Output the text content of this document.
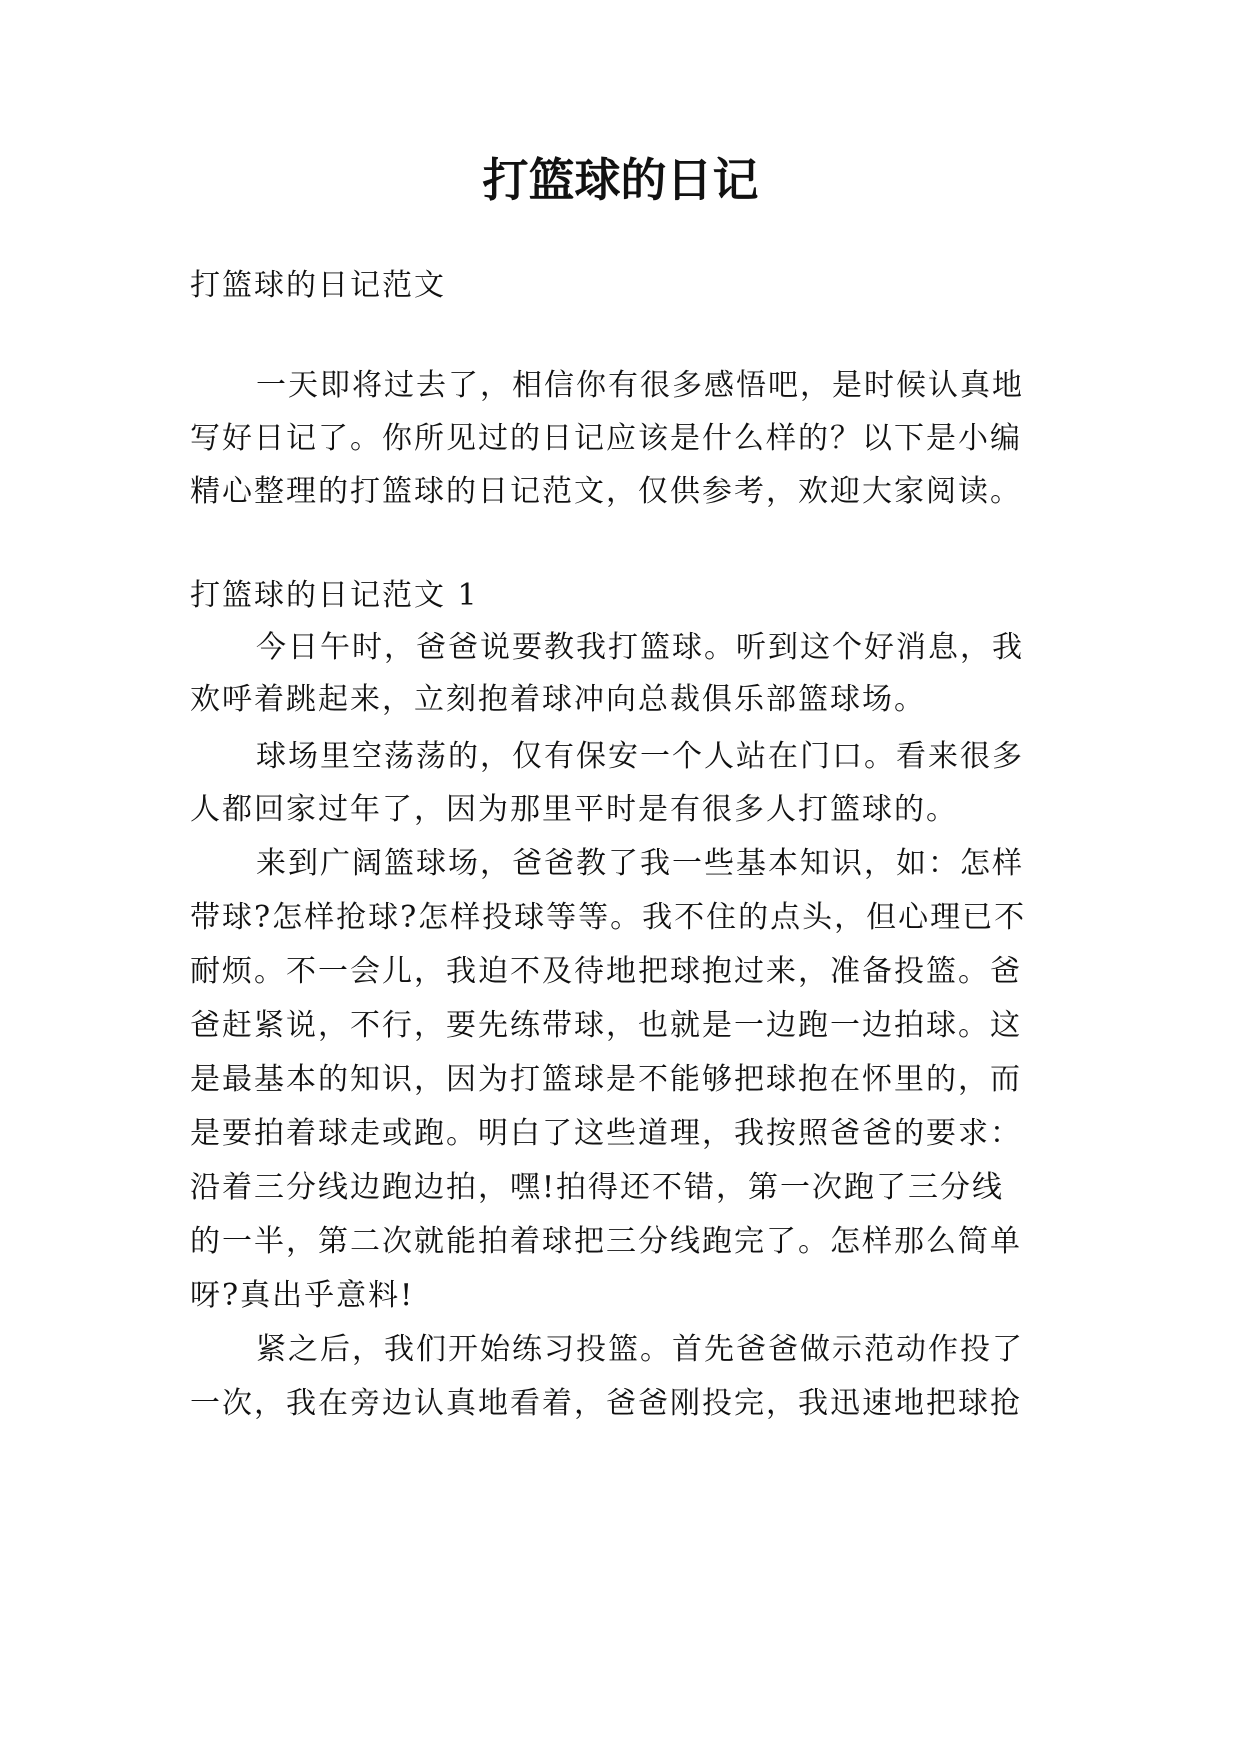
打篮球的日记
打篮球的日记范文
一天即将过去了，相信你有很多感悟吧，是时候认真地
写好日记了。你所见过的日记应该是什么样的？以下是小编
精心整理的打篮球的日记范文，仅供参考，欢迎大家阅读。
打篮球的日记范文 1
今日午时，爸爸说要教我打篮球。听到这个好消息，我
欢呼着跳起来，立刻抱着球冲向总裁俱乐部篮球场。
球场里空荡荡的，仅有保安一个人站在门口。看来很多
人都回家过年了，因为那里平时是有很多人打篮球的。
来到广阔篮球场，爸爸教了我一些基本知识，如：怎样
带球?怎样抢球?怎样投球等等。我不住的点头，但心理已不
耐烦。不一会儿，我迫不及待地把球抱过来，准备投篮。爸
爸赶紧说，不行，要先练带球，也就是一边跑一边拍球。这
是最基本的知识，因为打篮球是不能够把球抱在怀里的，而
是要拍着球走或跑。明白了这些道理，我按照爸爸的要求：
沿着三分线边跑边拍，嘿!拍得还不错，第一次跑了三分线
的一半，第二次就能拍着球把三分线跑完了。怎样那么简单
呀?真出乎意料!
紧之后，我们开始练习投篮。首先爸爸做示范动作投了
一次，我在旁边认真地看着，爸爸刚投完，我迅速地把球抢
